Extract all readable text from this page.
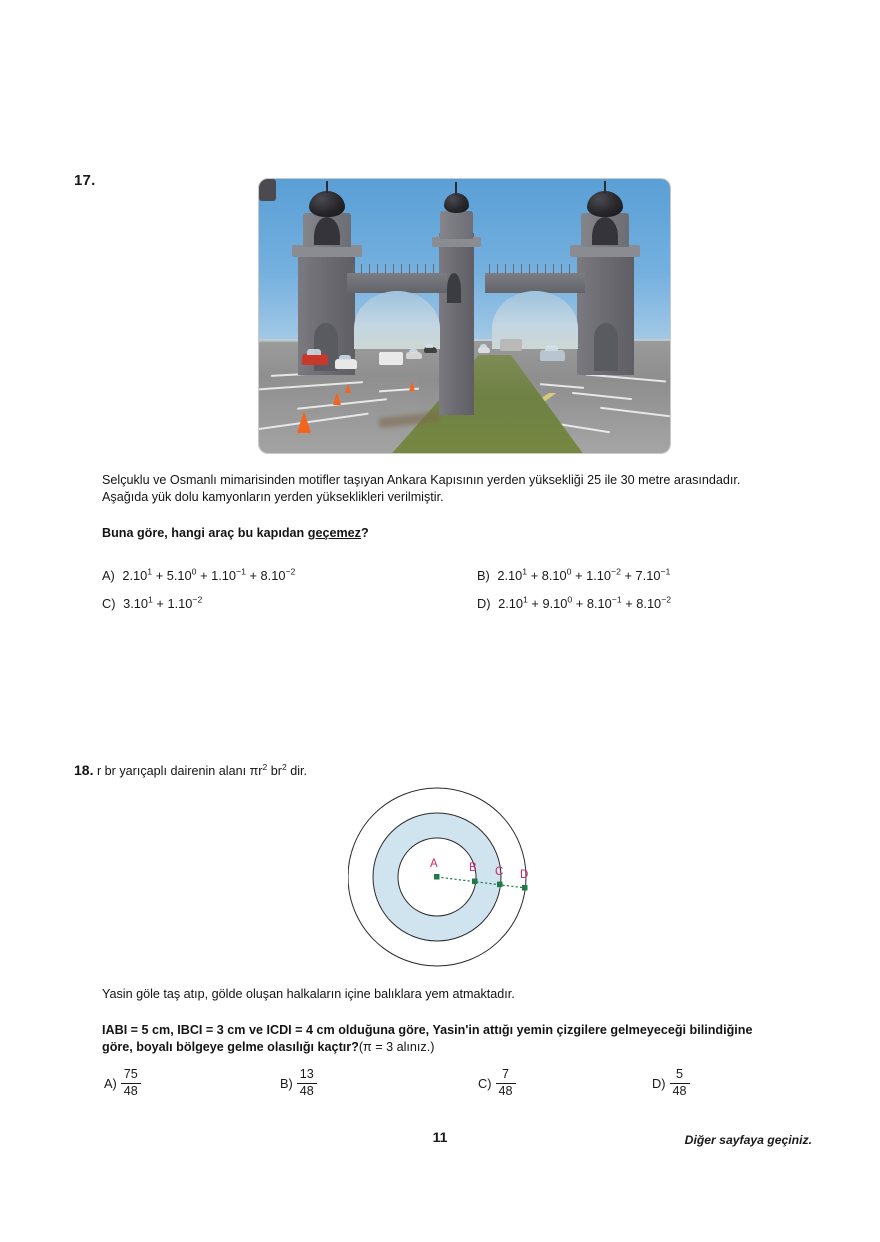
17.
Selçuklu ve Osmanlı mimarisinden motifler taşıyan Ankara Kapısının yerden yüksekliği 25 ile 30 metre arasındadır.
Aşağıda yük dolu kamyonların yerden yükseklikleri verilmiştir.
Buna göre, hangi araç bu kapıdan geçemez?
A) $2.10^1 + 5.10^0 + 1.10^{-1} + 8.10^{-2}$	B) $2.10^1 + 8.10^0 + 1.10^{-2} + 7.10^{-1}$
C) $3.10^1 + 1.10^{-2}$	D) $2.10^1 + 9.10^0 + 8.10^{-1} + 8.10^{-2}$
18. r br yarıçaplı dairenin alanı $\pi r^2$ $br^2$ dir.
A	B C D
Yasin göle taş atıp, gölde oluşan halkaların içine balıklara yem atmaktadır.
IABI = 5 cm, IBCI = 3 cm ve ICDI = 4 cm olduğuna göre, Yasin'in attığı yemin çizgilere gelmeyeceği bilindiğine
göre, boyalı bölgeye gelme olasılığı kaçtır?(π = 3 alınız.)
$A) \frac{75}{48}$	$B) \frac{13}{48}$	$C) \frac{7}{48}$	$D) \frac{5}{48}$
11	Diğer sayfaya geçiniz.
